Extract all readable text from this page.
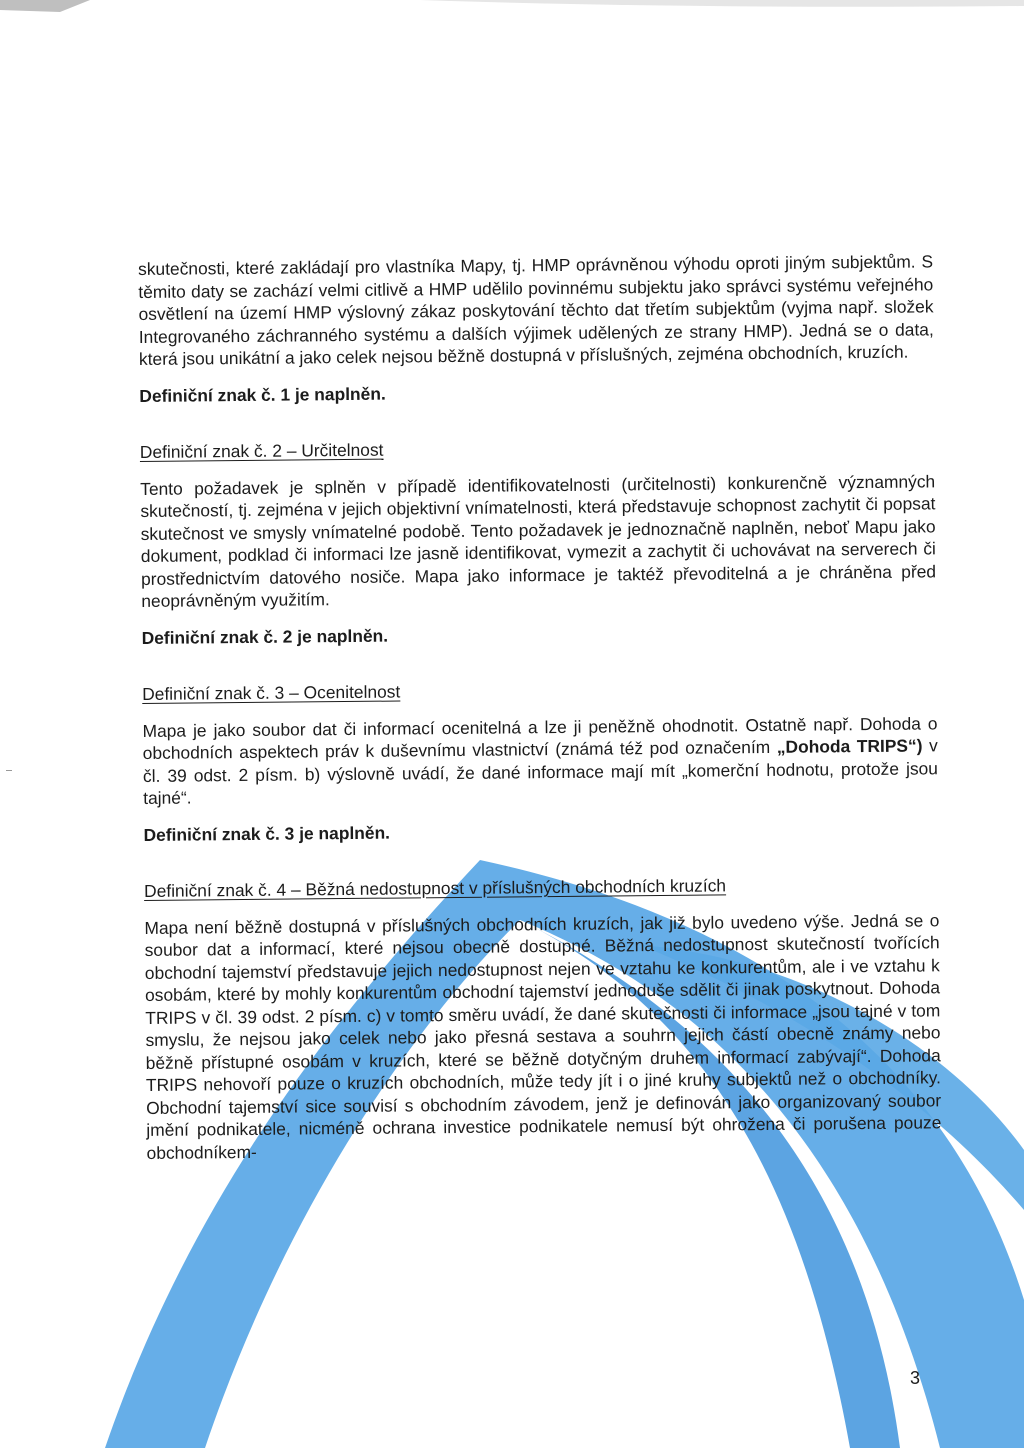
skutečnosti, které zakládají pro vlastníka Mapy, tj. HMP oprávněnou výhodu oproti jiným subjektům. S těmito daty se zachází velmi citlivě a HMP udělilo povinnému subjektu jako správci systému veřejného osvětlení na území HMP výslovný zákaz poskytování těchto dat třetím subjektům (vyjma např. složek Integrovaného záchranného systému a dalších výjimek udělených ze strany HMP). Jedná se o data, která jsou unikátní a jako celek nejsou běžně dostupná v příslušných, zejména obchodních, kruzích.

Definiční znak č. 1 je naplněn.

Definiční znak č. 2 – Určitelnost

Tento požadavek je splněn v případě identifikovatelnosti (určitelnosti) konkurenčně významných skutečností, tj. zejména v jejich objektivní vnímatelnosti, která představuje schopnost zachytit či popsat skutečnost ve smysly vnímatelné podobě. Tento požadavek je jednoznačně naplněn, neboť Mapu jako dokument, podklad či informaci lze jasně identifikovat, vymezit a zachytit či uchovávat na serverech či prostřednictvím datového nosiče. Mapa jako informace je taktéž převoditelná a je chráněna před neoprávněným využitím.

Definiční znak č. 2 je naplněn.

Definiční znak č. 3 – Ocenitelnost

Mapa je jako soubor dat či informací ocenitelná a lze ji peněžně ohodnotit. Ostatně např. Dohoda o obchodních aspektech práv k duševnímu vlastnictví (známá též pod označením „Dohoda TRIPS“) v čl. 39 odst. 2 písm. b) výslovně uvádí, že dané informace mají mít „komerční hodnotu, protože jsou tajné“.

Definiční znak č. 3 je naplněn.

Definiční znak č. 4 – Běžná nedostupnost v příslušných obchodních kruzích

Mapa není běžně dostupná v příslušných obchodních kruzích, jak již bylo uvedeno výše. Jedná se o soubor dat a informací, které nejsou obecně dostupné. Běžná nedostupnost skutečností tvořících obchodní tajemství představuje jejich nedostupnost nejen ve vztahu ke konkurentům, ale i ve vztahu k osobám, které by mohly konkurentům obchodní tajemství jednoduše sdělit či jinak poskytnout. Dohoda TRIPS v čl. 39 odst. 2 písm. c) v tomto směru uvádí, že dané skutečnosti či informace „jsou tajné v tom smyslu, že nejsou jako celek nebo jako přesná sestava a souhrn jejich částí obecně známy nebo běžně přístupné osobám v kruzích, které se běžně dotyčným druhem informací zabývají“. Dohoda TRIPS nehovoří pouze o kruzích obchodních, může tedy jít i o jiné kruhy subjektů než o obchodníky. Obchodní tajemství sice souvisí s obchodním závodem, jenž je definován jako organizovaný soubor jmění podnikatele, nicméně ochrana investice podnikatele nemusí být ohrožena či porušena pouze obchodníkem-

3
